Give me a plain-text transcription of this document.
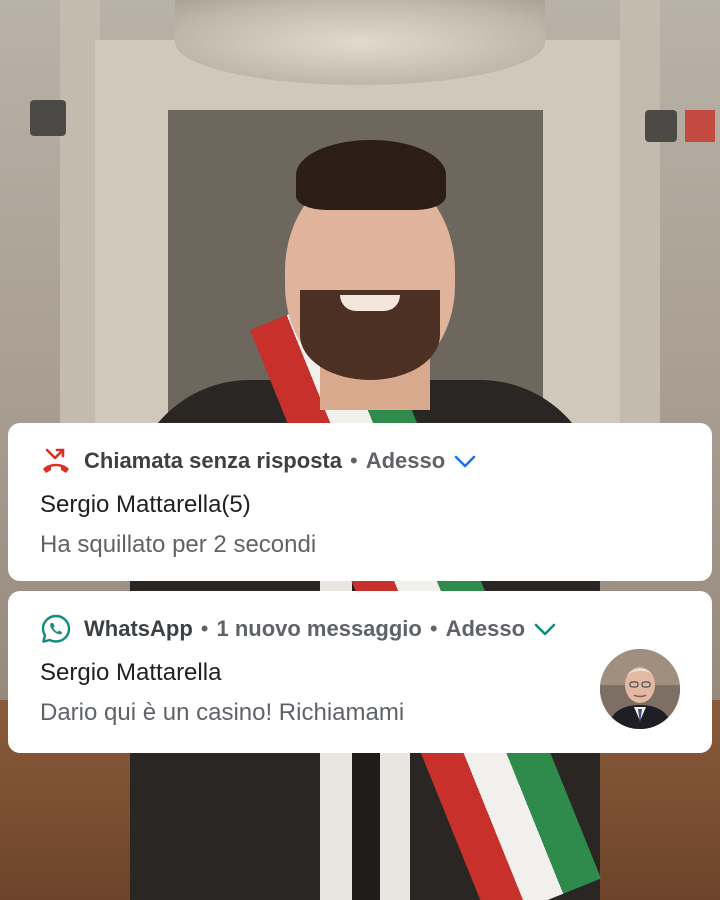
Chiamata senza risposta • Adesso
Sergio Mattarella(5)
Ha squillato per 2 secondi
WhatsApp • 1 nuovo messaggio • Adesso
Sergio Mattarella
Dario qui è un casino! Richiamami
